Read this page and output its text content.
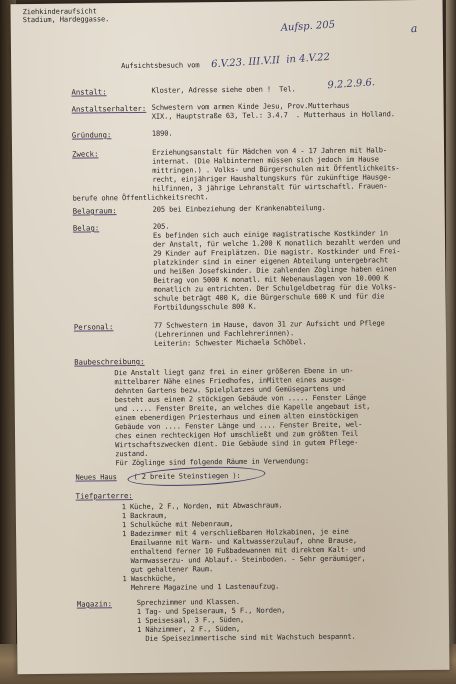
Ziehkinderaufsicht
Stadium, Hardeggasse.
Aufsp. 205	a
Aufsichtsbesuch vom 6.V.23. III.V.II  in 4.V.22
Anstalt:	Kloster, Adresse siehe oben !  Tel.	9.2.2.9.6.
Anstaltserhalter: Schwestern vom armen Kinde Jesu, Prov.Mutterhaus
XIX., Hauptstraße 63, Tel.: 3.4.7  . Mutterhaus in Holland.
Gründung:	1890.
Zweck:	Erziehungsanstalt für Mädchen von 4 - 17 Jahren mit Halb-
internat. (Die Halbinternen müssen sich jedoch im Hause
mittringen.) . Volks- und Bürgerschulen mit Öffentlichkeits-
recht, einjähriger Haushaltungskurs für zukünftige Hausge-
hilfinnen, 3 jährige Lehranstalt für wirtschaftl. Frauen-
berufe ohne Öffentlichkeitsrecht.
Belagraum:	205 bei Einbeziehung der Krankenabteilung.
Belag:	205.
Es befinden sich auch einige magistratische Kostkinder in
der Anstalt, für welche 1.200 K monatlich bezahlt werden und
29 Kinder auf Freiplätzen. Die magistr. Kostkinder und Frei-
platzkinder sind in einer eigenen Abteilung untergebracht
und heißen Josefskinder. Die zahlenden Zöglinge haben einen
Beitrag von 5000 K monatl. mit Nebenauslagen von 10.000 K
monatlich zu entrichten. Der Schulgeldbetrag für die Volks-
schule beträgt 400 K, die Bürgerschule 600 K und für die
Fortbildungsschule 800 K.
Personal:	77 Schwestern im Hause, davon 31 zur Aufsicht und Pflege
(Lehrerinnen und Fachlehrerinnen).
Leiterin: Schwester Michaela Schöbel.
Baubeschreibung:
Die Anstalt liegt ganz frei in einer größeren Ebene in un-
mittelbarer Nähe eines Friedhofes, inMitten eines ausge-
dehnten Gartens bezw. Spielplatzes und Gemüsegartens und
besteht aus einem 2 stöckigen Gebäude von ..... Fenster Länge
und ..... Fenster Breite, an welches die Kapelle angebaut ist,
einem ebenerdigen Priesterhaus und einem alten einstöckigen
Gebäude von .... Fenster Länge und .... Fenster Breite, wel-
ches einen rechteckigen Hof umschließt und zum größten Teil
Wirtschaftszwecken dient. Die Gebäude sind in gutem Pflege-
zustand.
Für Zöglinge sind folgende Räume in Verwendung:
Neues Haus ( 2 breite Steinstiegen ):
Tiefparterre:
1 Küche, 2 F., Norden, mit Abwaschraum.
1 Backraum,
1 Schulküche mit Nebenraum,
1 Badezimmer mit 4 verschließbaren Holzkabinen, je eine
Emailwanne mit Warm- und Kaltwasserzulauf, ohne Brause,
enthaltend ferner 10 Fußbadewannen mit direktem Kalt- und
Warmwasserzu- und Ablauf.- Steinboden. - Sehr geräumiger,
gut gehaltener Raum.
1 Waschküche,
Mehrere Magazine und 1 Lastenaufzug.
Magazin:	Sprechzimmer und Klassen.
1 Tag- und Speiseraum, 5 F., Norden,
1 Speisesaal, 3 F., Süden,
1 Nähzimmer, 2 F., Süden,
Die Speisezimmertische sind mit Wachstuch bespannt.
